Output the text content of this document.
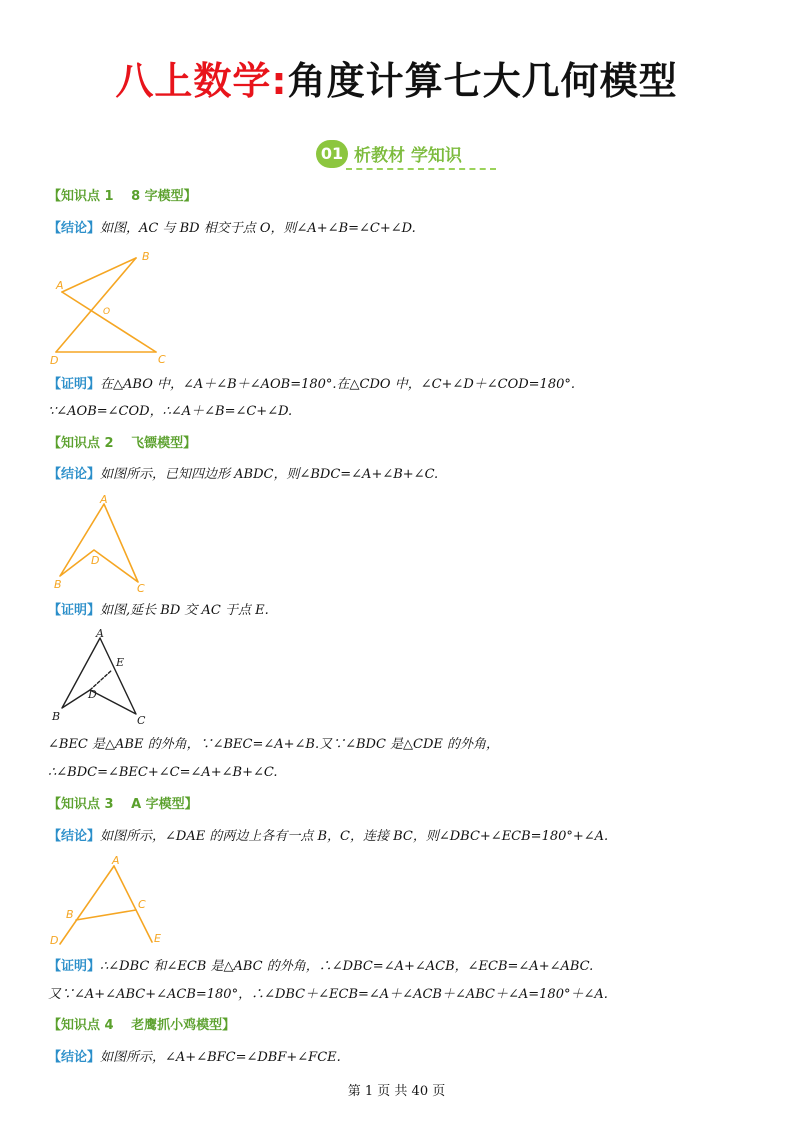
八上数学:角度计算七大几何模型
01 析教材 学知识
【知识点 1　 8 字模型】
【结论】如图，AC 与 BD 相交于点 O，则∠A+∠B=∠C+∠D.
A
B
O
D	C
【证明】在△ABO 中，∠A＋∠B＋∠AOB=180°.在△CDO 中，∠C+∠D＋∠COD=180°.
∵∠AOB=∠COD，∴∠A＋∠B=∠C+∠D.
【知识点 2　 飞镖模型】
【结论】如图所示，已知四边形 ABDC，则∠BDC=∠A+∠B+∠C.
A
D
B	C
【证明】如图,延长 BD 交 AC 于点 E.
A
E
D
B	C
∠BEC 是△ABE 的外角，∵∠BEC=∠A+∠B.又∵∠BDC 是△CDE 的外角，
∴∠BDC=∠BEC+∠C=∠A+∠B+∠C.
【知识点 3　 A 字模型】
【结论】如图所示，∠DAE 的两边上各有一点 B，C，连接 BC，则∠DBC+∠ECB=180°+∠A.
A
C
B
D	E
【证明】∴∠DBC 和∠ECB 是△ABC 的外角，∴∠DBC=∠A+∠ACB，∠ECB=∠A+∠ABC.
又∵∠A+∠ABC+∠ACB=180°，∴∠DBC＋∠ECB=∠A＋∠ACB＋∠ABC＋∠A=180°＋∠A.
【知识点 4　 老鹰抓小鸡模型】
【结论】如图所示，∠A+∠BFC=∠DBF+∠FCE.
第 1 页 共 40 页
